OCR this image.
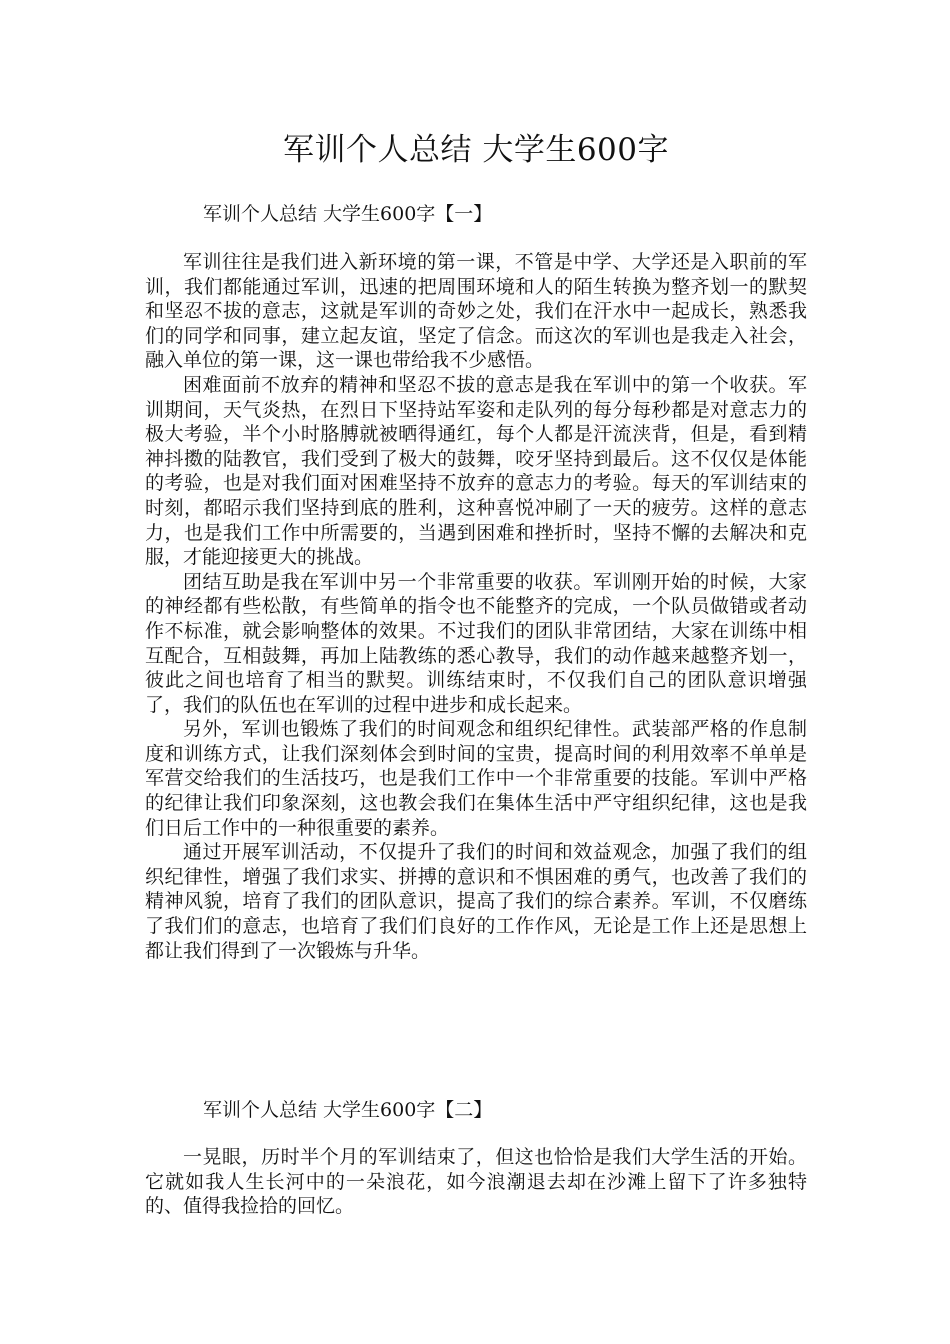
军训个人总结 大学生600字
军训个人总结 大学生600字【一】

军训往往是我们进入新环境的第一课，不管是中学、大学还是入职前的军训，我们都能通过军训，迅速的把周围环境和人的陌生转换为整齐划一的默契和坚忍不拔的意志，这就是军训的奇妙之处，我们在汗水中一起成长，熟悉我们的同学和同事，建立起友谊，坚定了信念。而这次的军训也是我走入社会，融入单位的第一课，这一课也带给我不少感悟。

困难面前不放弃的精神和坚忍不拔的意志是我在军训中的第一个收获。军训期间，天气炎热，在烈日下坚持站军姿和走队列的每分每秒都是对意志力的极大考验，半个小时胳膊就被晒得通红，每个人都是汗流浃背，但是，看到精神抖擞的陆教官，我们受到了极大的鼓舞，咬牙坚持到最后。这不仅仅是体能的考验，也是对我们面对困难坚持不放弃的意志力的考验。每天的军训结束的时刻，都昭示我们坚持到底的胜利，这种喜悦冲刷了一天的疲劳。这样的意志力，也是我们工作中所需要的，当遇到困难和挫折时，坚持不懈的去解决和克服，才能迎接更大的挑战。

团结互助是我在军训中另一个非常重要的收获。军训刚开始的时候，大家的神经都有些松散，有些简单的指令也不能整齐的完成，一个队员做错或者动作不标准，就会影响整体的效果。不过我们的团队非常团结，大家在训练中相互配合，互相鼓舞，再加上陆教练的悉心教导，我们的动作越来越整齐划一，彼此之间也培育了相当的默契。训练结束时，不仅我们自己的团队意识增强了，我们的队伍也在军训的过程中进步和成长起来。

另外，军训也锻炼了我们的时间观念和组织纪律性。武装部严格的作息制度和训练方式，让我们深刻体会到时间的宝贵，提高时间的利用效率不单单是军营交给我们的生活技巧，也是我们工作中一个非常重要的技能。军训中严格的纪律让我们印象深刻，这也教会我们在集体生活中严守组织纪律，这也是我们日后工作中的一种很重要的素养。

通过开展军训活动，不仅提升了我们的时间和效益观念，加强了我们的组织纪律性，增强了我们求实、拼搏的意识和不惧困难的勇气，也改善了我们的精神风貌，培育了我们的团队意识，提高了我们的综合素养。军训，不仅磨练了我们们的意志，也培育了我们们良好的工作作风，无论是工作上还是思想上都让我们得到了一次锻炼与升华。

军训个人总结 大学生600字【二】

一晃眼，历时半个月的军训结束了，但这也恰恰是我们大学生活的开始。它就如我人生长河中的一朵浪花，如今浪潮退去却在沙滩上留下了许多独特的、值得我捡拾的回忆。
